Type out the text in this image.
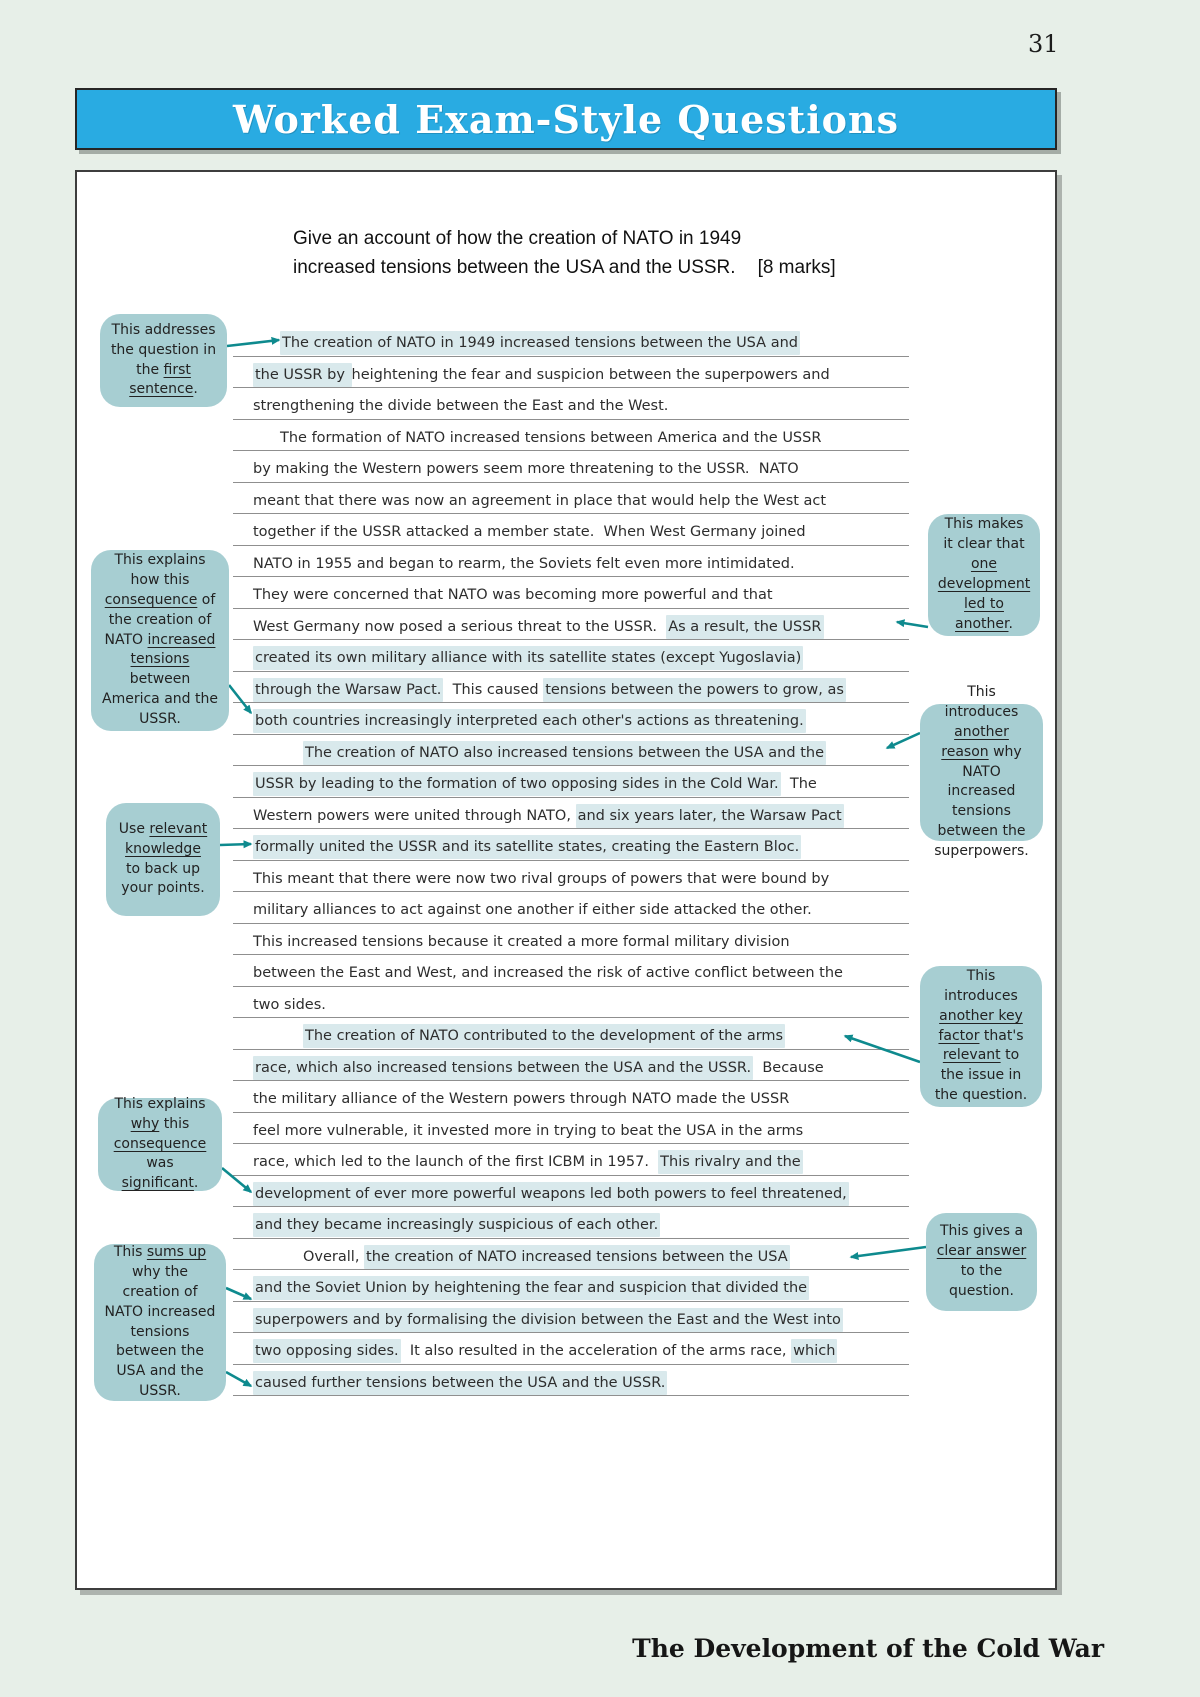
31
Worked Exam-Style Questions
Give an account of how the creation of NATO in 1949
increased tensions between the USA and the USSR. [8 marks]
The creation of NATO in 1949 increased tensions between the USA and
the USSR by heightening the fear and suspicion between the superpowers and
strengthening the divide between the East and the West.
The formation of NATO increased tensions between America and the USSR
by making the Western powers seem more threatening to the USSR.  NATO
meant that there was now an agreement in place that would help the West act
together if the USSR attacked a member state.  When West Germany joined
NATO in 1955 and began to rearm, the Soviets felt even more intimidated.
They were concerned that NATO was becoming more powerful and that
West Germany now posed a serious threat to the USSR.  As a result, the USSR
created its own military alliance with its satellite states (except Yugoslavia)
through the Warsaw Pact.  This caused tensions between the powers to grow, as
both countries increasingly interpreted each other's actions as threatening.
The creation of NATO also increased tensions between the USA and the
USSR by leading to the formation of two opposing sides in the Cold War.  The
Western powers were united through NATO, and six years later, the Warsaw Pact
formally united the USSR and its satellite states, creating the Eastern Bloc.
This meant that there were now two rival groups of powers that were bound by
military alliances to act against one another if either side attacked the other.
This increased tensions because it created a more formal military division
between the East and West, and increased the risk of active conflict between the
two sides.
The creation of NATO contributed to the development of the arms
race, which also increased tensions between the USA and the USSR.  Because
the military alliance of the Western powers through NATO made the USSR
feel more vulnerable, it invested more in trying to beat the USA in the arms
race, which led to the launch of the first ICBM in 1957.  This rivalry and the
development of ever more powerful weapons led both powers to feel threatened,
and they became increasingly suspicious of each other.
Overall, the creation of NATO increased tensions between the USA
and the Soviet Union by heightening the fear and suspicion that divided the
superpowers and by formalising the division between the East and the West into
two opposing sides.  It also resulted in the acceleration of the arms race, which
caused further tensions between the USA and the USSR.
The Development of the Cold War
This addresses the question in the first sentence.
This explains how this consequence of the creation of NATO increased tensions between America and the USSR.
Use relevant knowledge to back up your points.
This explains why this consequence was significant.
This sums up why the creation of NATO increased tensions between the USA and the USSR.
This makes it clear that one development led to another.
This introduces another reason why NATO increased tensions between the superpowers.
This introduces another key factor that's relevant to the issue in the question.
This gives a clear answer to the question.
